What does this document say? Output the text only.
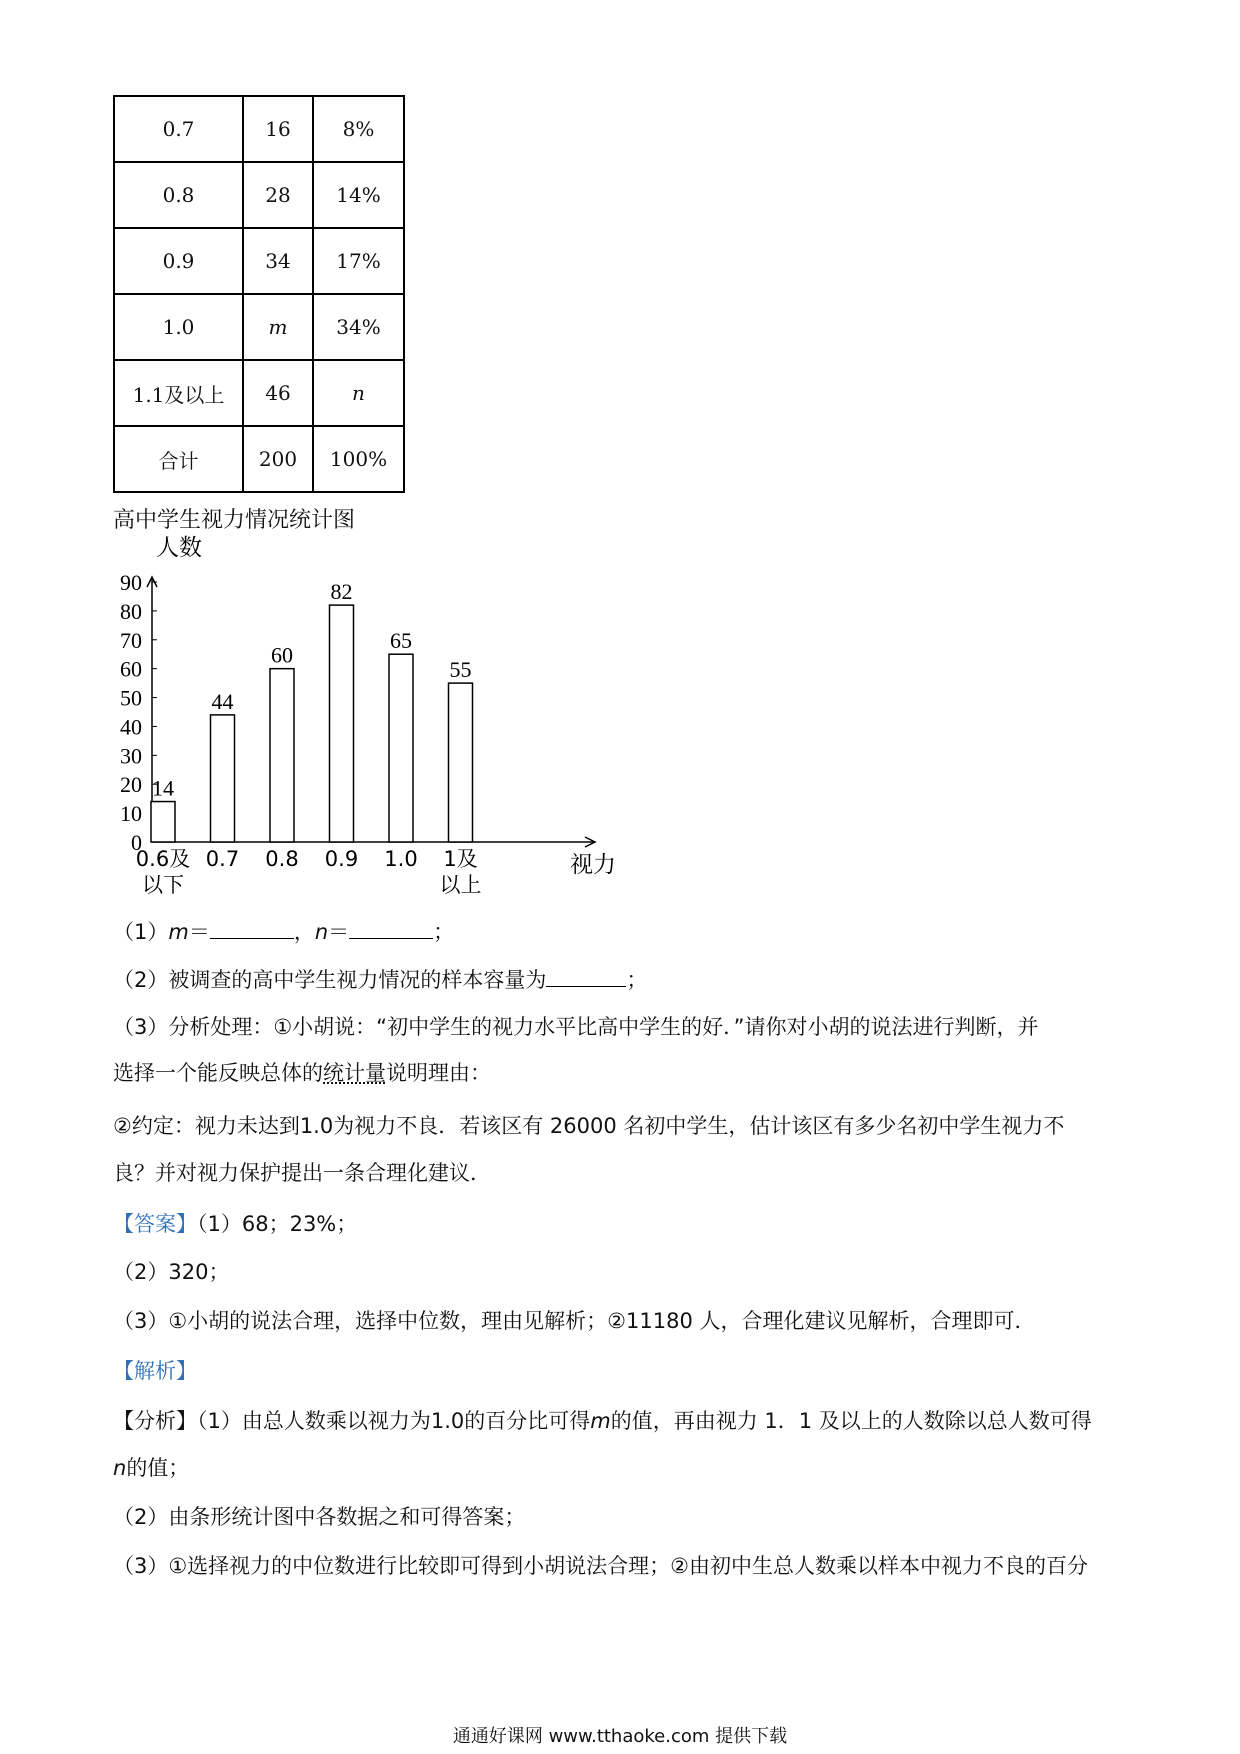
0.7	16	8%
0.8	28	14%
0.9	34	17%
1.0	m	34%
1.1及以上	46	n
合计	200	100%
高中学生视力情况统计图
人数
视力
0
10
20
30
40
50
60
70
80
90
14
0.6及
以下
44
0.7
60
0.8
82
0.9
65
1.0
55
1及
以上
（1）m＝	，n＝	；
（2）被调查的高中学生视力情况的样本容量为	；
（3）分析处理：①小胡说：“初中学生的视力水平比高中学生的好．”请你对小胡的说法进行判断，并
选择一个能反映总体的统计量说明理由：
②约定：视力未达到1.0为视力不良．若该区有 26000 名初中学生，估计该区有多少名初中学生视力不
良？并对视力保护提出一条合理化建议．
【答案】（1）68；23%；
（2）320；
（3）①小胡的说法合理，选择中位数，理由见解析；②11180 人，合理化建议见解析，合理即可．
【解析】
【分析】（1）由总人数乘以视力为1.0的百分比可得m的值，再由视力 1．1 及以上的人数除以总人数可得
n的值；
（2）由条形统计图中各数据之和可得答案；
（3）①选择视力的中位数进行比较即可得到小胡说法合理；②由初中生总人数乘以样本中视力不良的百分
通通好课网 www.tthaoke.com 提供下载
